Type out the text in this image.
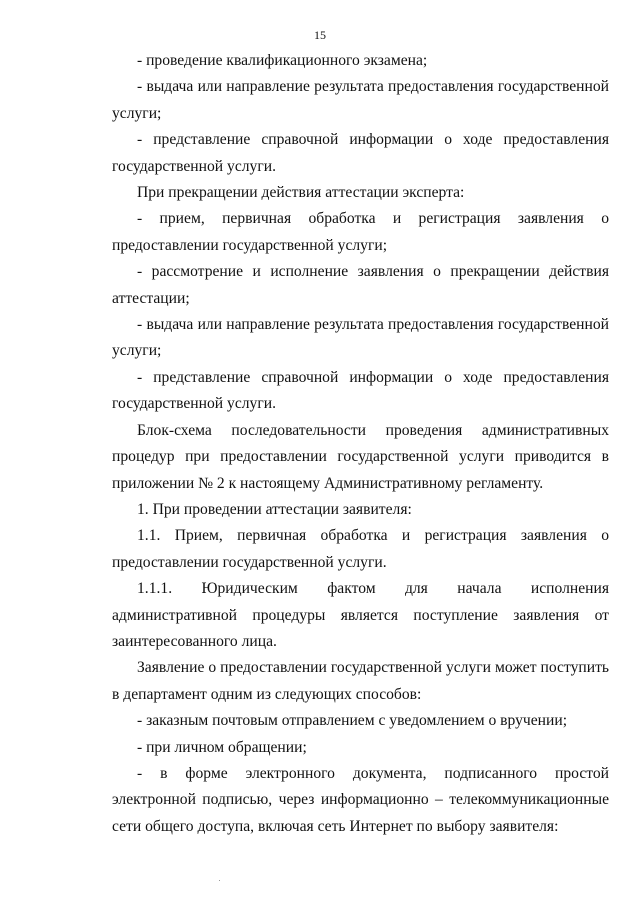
15

- проведение квалификационного экзамена;

- выдача или направление результата предоставления государственной услуги;

- представление справочной информации о ходе предоставления государственной услуги.

При прекращении действия аттестации эксперта:

- прием, первичная обработка и регистрация заявления о предоставлении государственной услуги;

- рассмотрение и исполнение заявления о прекращении действия аттестации;

- выдача или направление результата предоставления государственной услуги;

- представление справочной информации о ходе предоставления государственной услуги.

Блок-схема последовательности проведения административных процедур при предоставлении государственной услуги приводится в приложении № 2 к настоящему Административному регламенту.

1. При проведении аттестации заявителя:

1.1. Прием, первичная обработка и регистрация заявления о предоставлении государственной услуги.

1.1.1. Юридическим фактом для начала исполнения административной процедуры является поступление заявления от заинтересованного лица.

Заявление о предоставлении государственной услуги может поступить в департамент одним из следующих способов:

- заказным почтовым отправлением с уведомлением о вручении;

- при личном обращении;

- в форме электронного документа, подписанного простой электронной подписью, через информационно – телекоммуникационные сети общего доступа, включая сеть Интернет по выбору заявителя:
